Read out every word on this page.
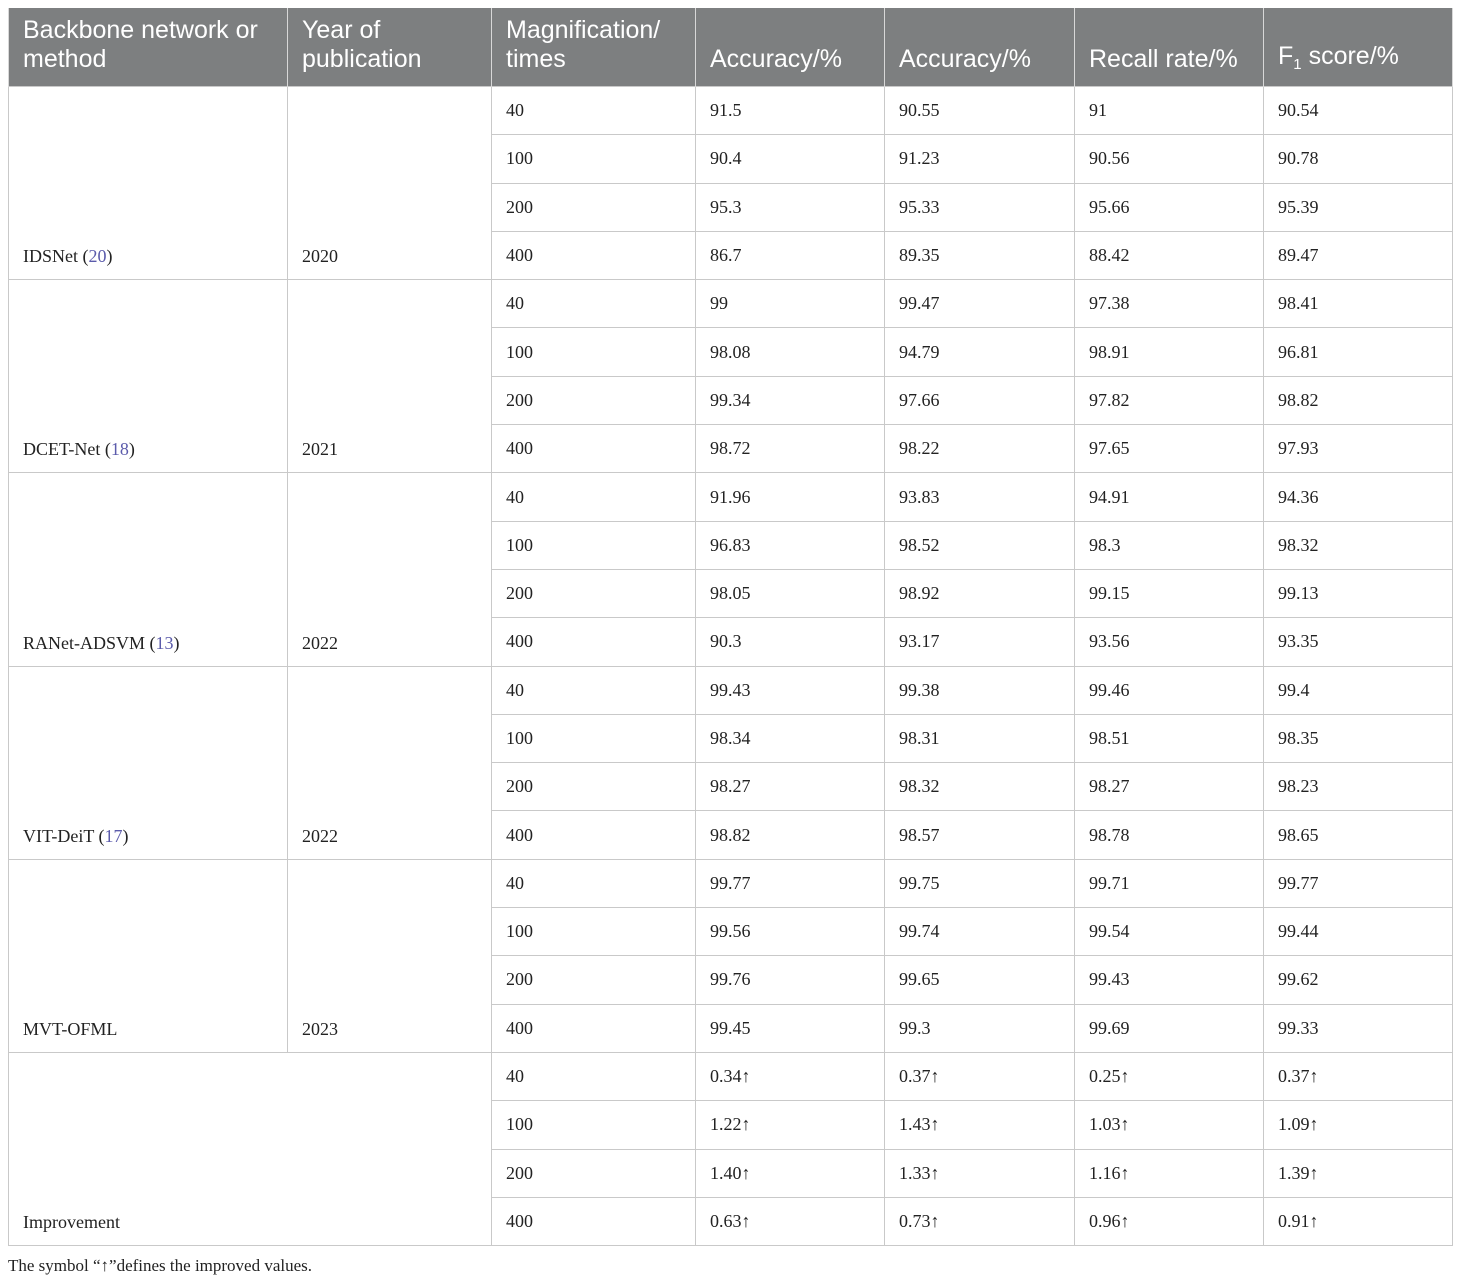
Backbone network or method	Year of publication	Magnification/ times	Accuracy/%	Accuracy/%	Recall rate/%	$F_1$ score/%
IDSNet (20)	2020	40	91.5	90.55	91	90.54
		100	90.4	91.23	90.56	90.78
		200	95.3	95.33	95.66	95.39
		400	86.7	89.35	88.42	89.47
DCET-Net (18)	2021	40	99	99.47	97.38	98.41
		100	98.08	94.79	98.91	96.81
		200	99.34	97.66	97.82	98.82
		400	98.72	98.22	97.65	97.93
RANet-ADSVM (13)	2022	40	91.96	93.83	94.91	94.36
		100	96.83	98.52	98.3	98.32
		200	98.05	98.92	99.15	99.13
		400	90.3	93.17	93.56	93.35
VIT-DeiT (17)	2022	40	99.43	99.38	99.46	99.4
		100	98.34	98.31	98.51	98.35
		200	98.27	98.32	98.27	98.23
		400	98.82	98.57	98.78	98.65
MVT-OFML	2023	40	99.77	99.75	99.71	99.77
		100	99.56	99.74	99.54	99.44
		200	99.76	99.65	99.43	99.62
		400	99.45	99.3	99.69	99.33
Improvement		40	0.34↑	0.37↑	0.25↑	0.37↑
		100	1.22↑	1.43↑	1.03↑	1.09↑
		200	1.40↑	1.33↑	1.16↑	1.39↑
		400	0.63↑	0.73↑	0.96↑	0.91↑
The symbol “↑”defines the improved values.
